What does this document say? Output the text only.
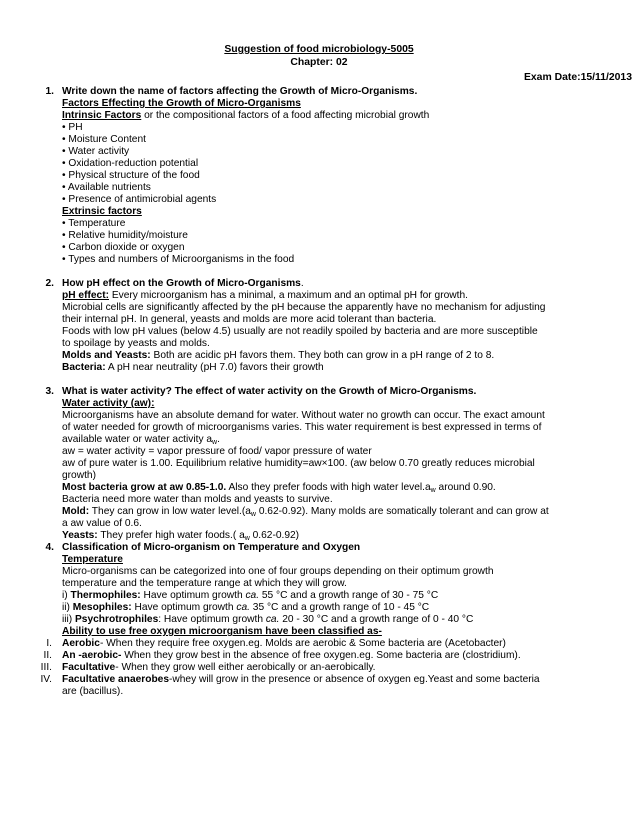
Suggestion of food microbiology-5005
Chapter: 02
Exam Date:15/11/2013
1. Write down the name of factors affecting the Growth of Micro-Organisms.
Factors Effecting the Growth of Micro-Organisms
Intrinsic Factors or the compositional factors of a food affecting microbial growth
• PH
• Moisture Content
• Water activity
• Oxidation-reduction potential
• Physical structure of the food
• Available nutrients
• Presence of antimicrobial agents
Extrinsic factors
• Temperature
• Relative humidity/moisture
• Carbon dioxide or oxygen
• Types and numbers of Microorganisms in the food
2. How pH effect on the Growth of Micro-Organisms.
pH effect: Every microorganism has a minimal, a maximum and an optimal pH for growth.
Microbial cells are significantly affected by the pH because the apparently have no mechanism for adjusting
their internal pH. In general, yeasts and molds are more acid tolerant than bacteria.
Foods with low pH values (below 4.5) usually are not readily spoiled by bacteria and are more susceptible
to spoilage by yeasts and molds.
Molds and Yeasts: Both are acidic pH favors them. They both can grow in a pH range of 2 to 8.
Bacteria: A pH near neutrality (pH 7.0) favors their growth
3. What is water activity? The effect of water activity on the Growth of Micro-Organisms.
Water activity (aw):
Microorganisms have an absolute demand for water. Without water no growth can occur. The exact amount
of water needed for growth of microorganisms varies. This water requirement is best expressed in terms of
available water or water activity $a_w$.
aw = water activity = vapor pressure of food/ vapor pressure of water
aw of pure water is 1.00. Equilibrium relative humidity=aw×100. (aw below 0.70 greatly reduces microbial
growth)
Most bacteria grow at aw 0.85-1.0. Also they prefer foods with high water $level.a_w$ around 0.90.
Bacteria need more water than molds and yeasts to survive.
Mold: They can grow in low water $level.(a_w$ 0.62-0.92). Many molds are somatically tolerant and can grow at
a aw value of 0.6.
Yeasts: They prefer high water foods.( $a_w$ 0.62-0.92)
4. Classification of Micro-organism on Temperature and Oxygen
Temperature
Micro-organisms can be categorized into one of four groups depending on their optimum growth
temperature and the temperature range at which they will grow.
i) Thermophiles: Have optimum growth ca. 55 °C and a growth range of 30 - 75 °C
ii) Mesophiles: Have optimum growth ca. 35 °C and a growth range of 10 - 45 °C
iii) Psychrotrophiles: Have optimum growth ca. 20 - 30 °C and a growth range of 0 - 40 °C
Ability to use free oxygen microorganism have been classified as-
I. Aerobic- When they require free oxygen.eg. Molds are aerobic & Some bacteria are (Acetobacter)
II. An -aerobic- When they grow best in the absence of free oxygen.eg. Some bacteria are (clostridium).
III. Facultative- When they grow well either aerobically or an-aerobically.
IV. Facultative anaerobes-whey will grow in the presence or absence of oxygen eg.Yeast and some bacteria
are (bacillus).
